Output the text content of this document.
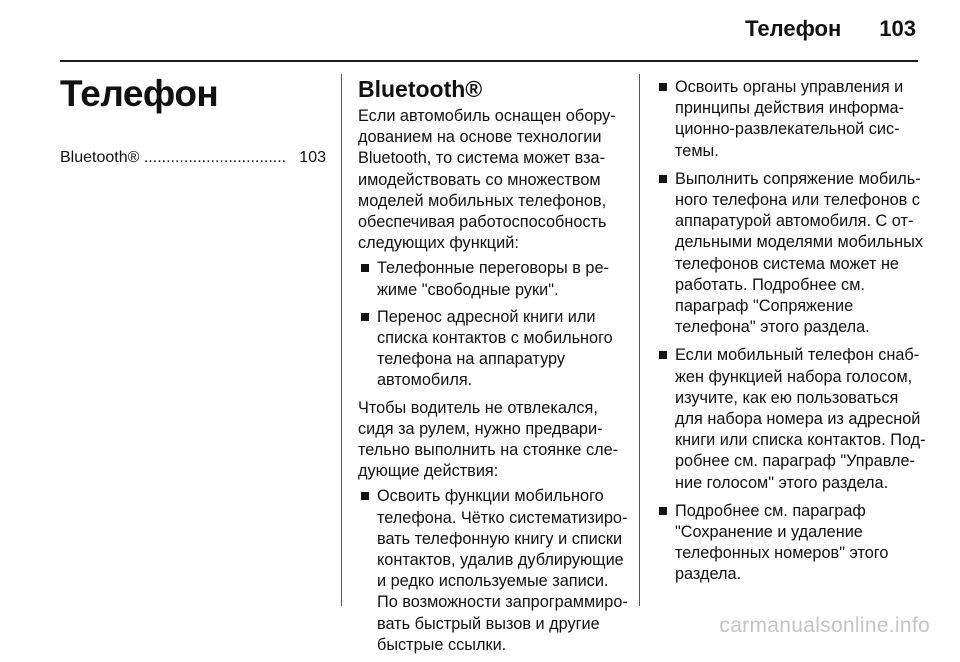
Телефон 103
Телефон
Bluetooth® ................................ 103
Bluetooth®

Если автомобиль оснащен оборудованием на основе технологии Bluetooth, то система может взаимодействовать со множеством моделей мобильных телефонов, обеспечивая работоспособность следующих функций:

Телефонные переговоры в режиме "свободные руки".
Перенос адресной книги или списка контактов с мобильного телефона на аппаратуру автомобиля.

Чтобы водитель не отвлекался, сидя за рулем, нужно предварительно выполнить на стоянке следующие действия:

Освоить функции мобильного телефона. Чётко систематизировать телефонную книгу и списки контактов, удалив дублирующие и редко используемые записи. По возможности запрограммировать быстрый вызов и другие быстрые ссылки.
Освоить органы управления и принципы действия информационно-развлекательной системы.
Выполнить сопряжение мобильного телефона или телефонов с аппаратурой автомобиля. С отдельными моделями мобильных телефонов система может не работать. Подробнее см. параграф "Сопряжение телефона" этого раздела.
Если мобильный телефон снабжен функцией набора голосом, изучите, как ею пользоваться для набора номера из адресной книги или списка контактов. Подробнее см. параграф "Управление голосом" этого раздела.
Подробнее см. параграф "Сохранение и удаление телефонных номеров" этого раздела.
carmanualsonline.info
